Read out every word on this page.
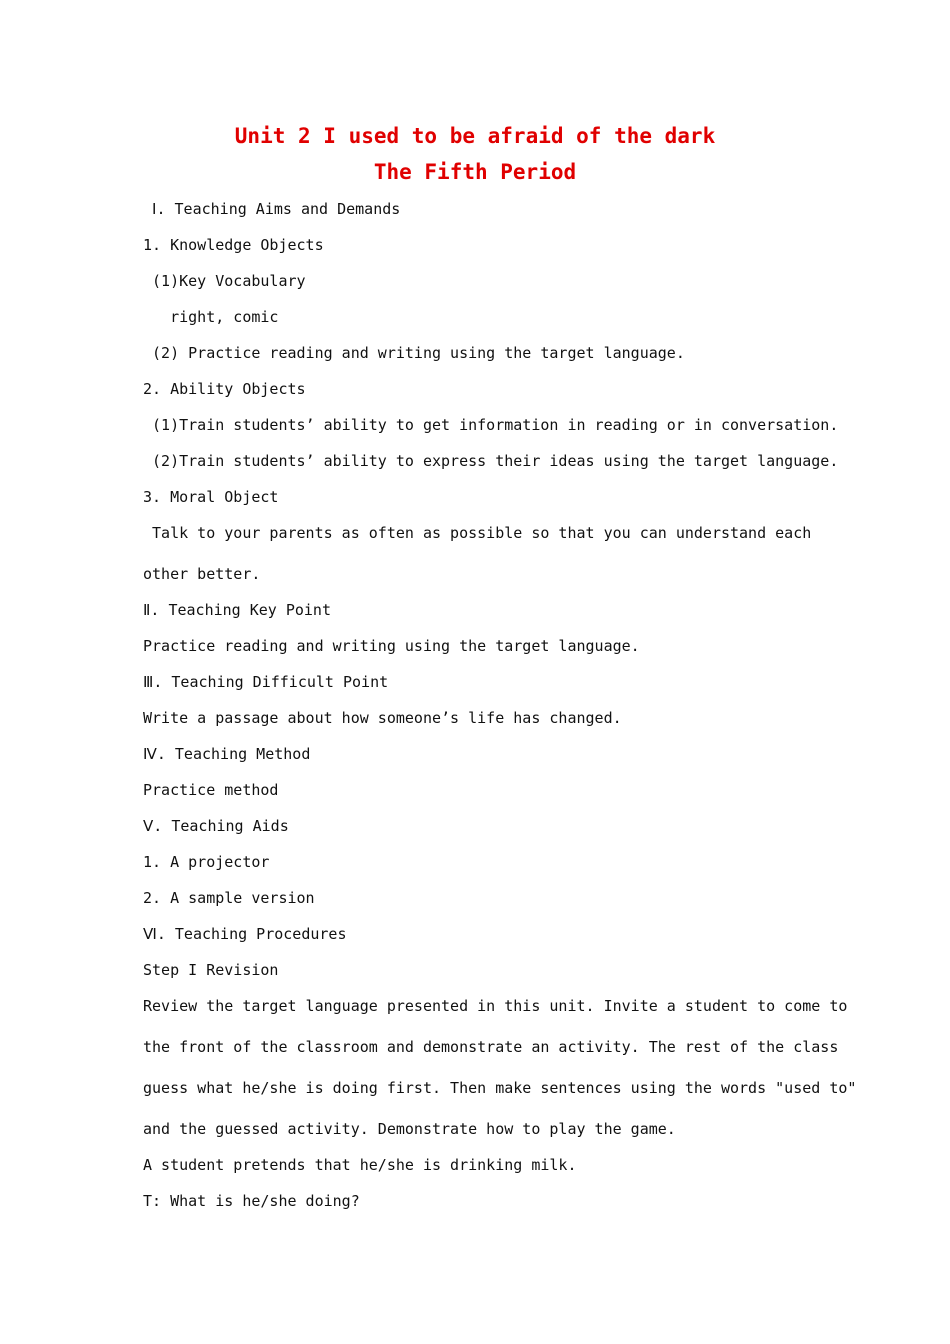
Unit 2 I used to be afraid of the dark
The Fifth Period
Ⅰ. Teaching Aims and Demands
1. Knowledge Objects
(1)Key Vocabulary
right, comic
(2) Practice reading and writing using the target language.
2. Ability Objects
(1)Train students’ ability to get information in reading or in conversation.
(2)Train students’ ability to express their ideas using the target language.
3. Moral Object
Talk to your parents as often as possible so that you can understand each
other better.
Ⅱ. Teaching Key Point
Practice reading and writing using the target language.
Ⅲ. Teaching Difficult Point
Write a passage about how someone’s life has changed.
Ⅳ. Teaching Method
Practice method
Ⅴ. Teaching Aids
1. A projector
2. A sample version
Ⅵ. Teaching Procedures
Step I Revision
Review the target language presented in this unit. Invite a student to come to
the front of the classroom and demonstrate an activity. The rest of the class
guess what he/she is doing first. Then make sentences using the words "used to"
and the guessed activity. Demonstrate how to play the game.
A student pretends that he/she is drinking milk.
T: What is he/she doing?
